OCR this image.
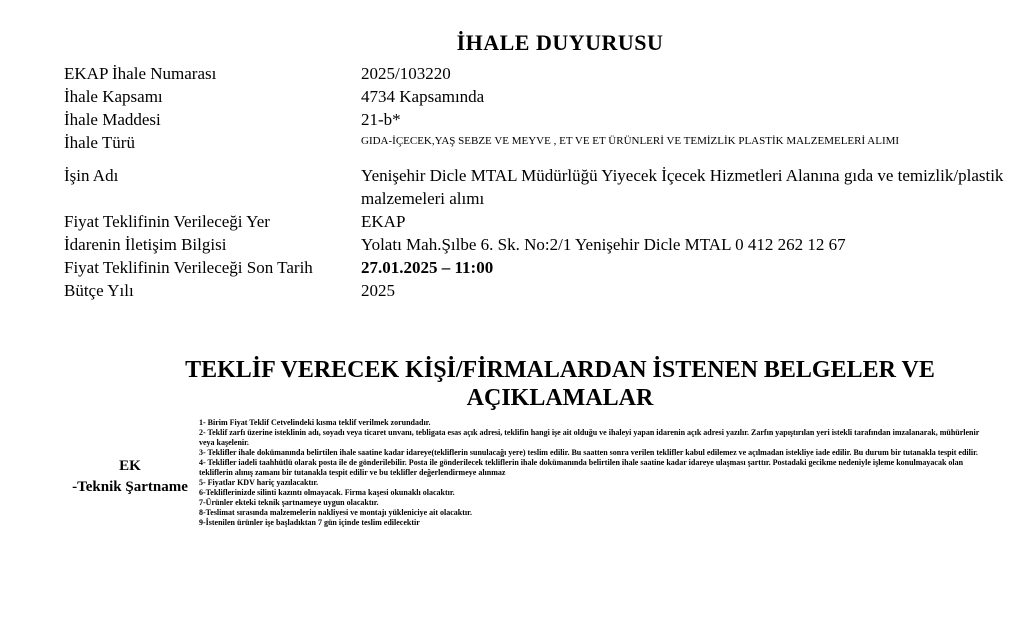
İHALE DUYURUSU
EKAP İhale Numarası	2025/103220
İhale Kapsamı	4734 Kapsamında
İhale Maddesi	21-b*
İhale Türü	GIDA-İÇECEK,YAŞ SEBZE VE MEYVE , ET VE ET ÜRÜNLERİ VE TEMİZLİK PLASTİK MALZEMELERİ ALIMI
İşin Adı	Yenişehir Dicle MTAL Müdürlüğü Yiyecek İçecek Hizmetleri Alanına gıda ve temizlik/plastik malzemeleri alımı
Fiyat Teklifinin Verileceği Yer	EKAP
İdarenin İletişim Bilgisi	Yolatı Mah.Şılbe 6. Sk. No:2/1 Yenişehir Dicle MTAL 0 412 262 12 67
Fiyat Teklifinin Verileceği Son Tarih	27.01.2025 – 11:00
Bütçe Yılı	2025
TEKLİF VERECEK KİŞİ/FİRMALARDAN İSTENEN BELGELER VE AÇIKLAMALAR
EK
-Teknik Şartname
1- Birim Fiyat Teklif Cetvelindeki kısma teklif verilmek zorundadır.
2- Teklif zarfı üzerine isteklinin adı, soyadı veya ticaret unvanı, tebligata esas açık adresi, teklifin hangi işe ait olduğu ve ihaleyi yapan idarenin açık adresi yazılır. Zarfın yapıştırılan yeri istekli tarafından imzalanarak, mühürlenir veya kaşelenir.
3- Teklifler ihale dokümanında belirtilen ihale saatine kadar idareye(tekliflerin sunulacağı yere) teslim edilir. Bu saatten sonra verilen teklifler kabul edilemez ve açılmadan istekliye iade edilir. Bu durum bir tutanakla tespit edilir.
4- Teklifler iadeli taahhütlü olarak posta ile de gönderilebilir. Posta ile gönderilecek tekliflerin ihale dokümanında belirtilen ihale saatine kadar idareye ulaşması şarttır. Postadaki gecikme nedeniyle işleme konulmayacak olan tekliflerin alınış zamanı bir tutanakla tespit edilir ve bu teklifler değerlendirmeye alınmaz
5- Fiyatlar KDV hariç yazılacaktır.
6-Tekliflerinizde silinti kazıntı olmayacak. Firma kaşesi okunaklı olacaktır.
7-Ürünler ekteki teknik şartnameye uygun olacaktır.
8-Teslimat sırasında malzemelerin nakliyesi ve montajı yükleniciye ait olacaktır.
9-İstenilen ürünler işe başladıktan 7 gün içinde teslim edilecektir
